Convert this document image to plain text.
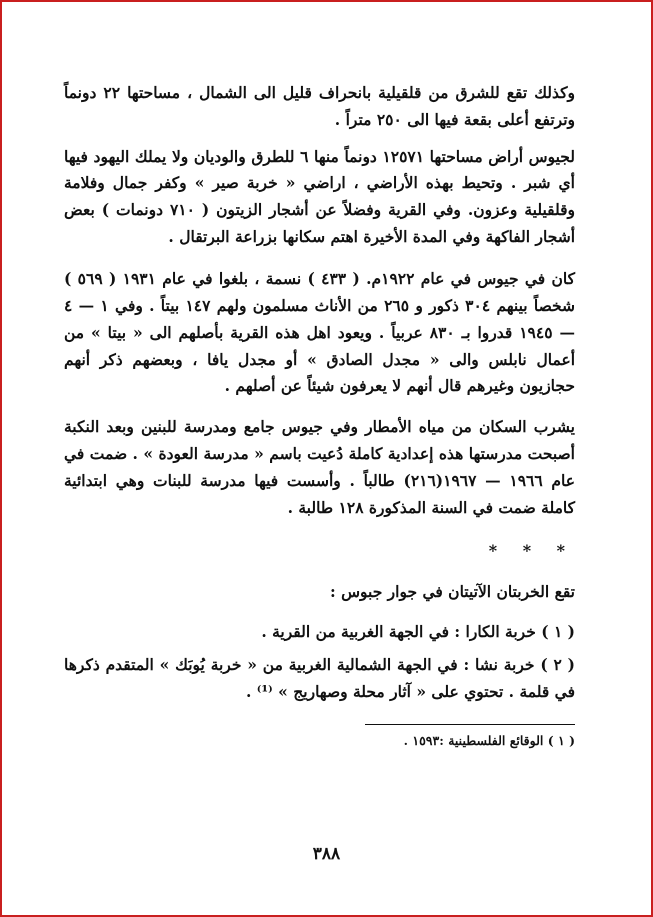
وكذلك تقع للشرق من قلقيلية بانحراف قليل الى الشمال ، مساحتها ٢٢ دونماً وترتفع أعلى بقعة فيها الى ٢٥٠ متراً .

لجيوس أراض مساحتها ١٢٥٧١ دونماً منها ٦ للطرق والوديان ولا يملك اليهود فيها أي شبر . وتحيط بهذه الأراضي ، اراضي « خربة صير » وكفر جمال وفلامة وقلقيلية وعزون. وفي القرية وفضلاً عن أشجار الزيتون ( ٧١٠ دونمات ) بعض أشجار الفاكهة وفي المدة الأخيرة اهتم سكانها بزراعة البرتقال .

كان في جيوس في عام ١٩٢٢م. ( ٤٣٣ ) نسمة ، بلغوا في عام ١٩٣١ ( ٥٦٩ ) شخصاً بينهم ٣٠٤ ذكور و ٢٦٥ من الأناث مسلمون ولهم ١٤٧ بيتاً . وفي ١ — ٤ — ١٩٤٥ قدروا بـ ٨٣٠ عربياً . ويعود اهل هذه القرية بأصلهم الى « بيتا » من أعمال نابلس والى « مجدل الصادق » أو مجدل يافا ، وبعضهم ذكر أنهم حجازيون وغيرهم قال أنهم لا يعرفون شيئاً عن أصلهم .

يشرب السكان من مياه الأمطار وفي جيوس جامع ومدرسة للبنين وبعد النكبة أصبحت مدرستها هذه إعدادية كاملة دُعيت باسم « مدرسة العودة » . ضمت في عام ١٩٦٦ — ١٩٦٧(٢١٦) طالباً . وأسست فيها مدرسة للبنات وهي ابتدائية كاملة ضمت في السنة المذكورة ١٢٨ طالبة .

* * *
تقع الخربتان الآتيتان في جوار جبوس :
( ١ ) خربة الكارا : في الجهة الغربية من القرية .
( ٢ ) خربة نشا : في الجهة الشمالية الغربية من « خربة يُوبَك » المتقدم ذكرها في قلمة . تحتوي على « آثار محلة وصهاريج » ⁽¹⁾ .
( ١ ) الوقائع الفلسطينية :١٥٩٣ .
٣٨٨
